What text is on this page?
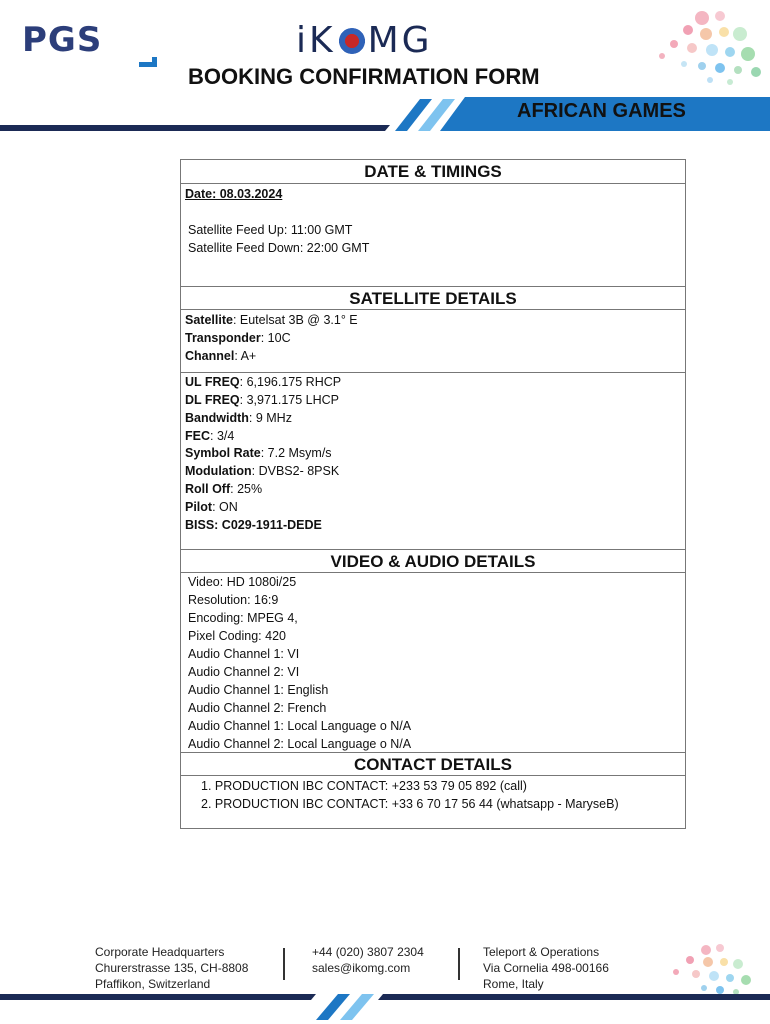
PGS	iK MG
BOOKING CONFIRMATION FORM
AFRICAN GAMES
DATE & TIMINGS
Date: 08.03.2024
Satellite Feed Up: 11:00 GMT
Satellite Feed Down: 22:00 GMT
SATELLITE DETAILS
Satellite: Eutelsat 3B @ 3.1° E
Transponder: 10C
Channel: A+
UL FREQ: 6,196.175 RHCP
DL FREQ: 3,971.175 LHCP
Bandwidth: 9 MHz
FEC: 3/4
Symbol Rate: 7.2 Msym/s
Modulation: DVBS2- 8PSK
Roll Off: 25%
Pilot: ON
BISS: C029-1911-DEDE
VIDEO & AUDIO DETAILS
Video: HD 1080i/25
Resolution: 16:9
Encoding: MPEG 4,
Pixel Coding: 420
Audio Channel 1: VI
Audio Channel 2: VI
Audio Channel 1: English
Audio Channel 2: French
Audio Channel 1: Local Language o N/A
Audio Channel 2: Local Language o N/A
CONTACT DETAILS
1. PRODUCTION IBC CONTACT: +233 53 79 05 892 (call)
2. PRODUCTION IBC CONTACT: +33 6 70 17 56 44 (whatsapp - MaryseB)
Corporate Headquarters
Churerstrasse 135, CH-8808
Pfaffikon, Switzerland
+44 (020) 3807 2304
sales@ikomg.com
Teleport & Operations
Via Cornelia 498-00166
Rome, Italy
